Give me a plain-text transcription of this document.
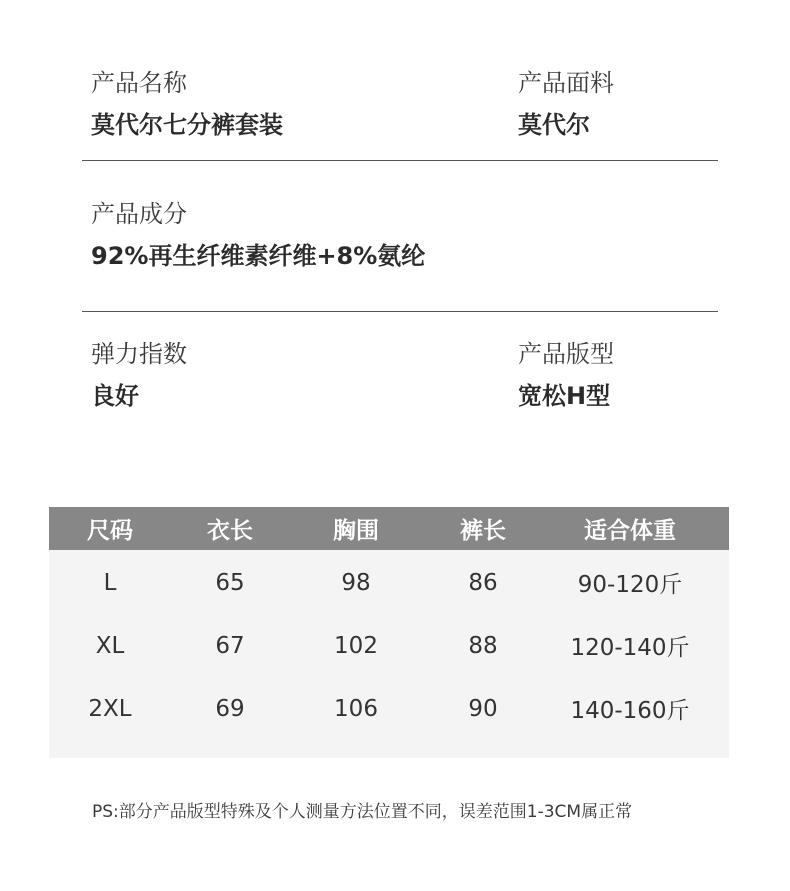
产品名称
莫代尔七分裤套装
产品面料
莫代尔
产品成分
92%再生纤维素纤维+8%氨纶
弹力指数
良好
产品版型
宽松H型
尺码	衣长	胸围	裤长	适合体重
L	65	98	86	90-120斤
XL	67	102	88	120-140斤
2XL	69	106	90	140-160斤
PS:部分产品版型特殊及个人测量方法位置不同，误差范围1-3CM属正常
